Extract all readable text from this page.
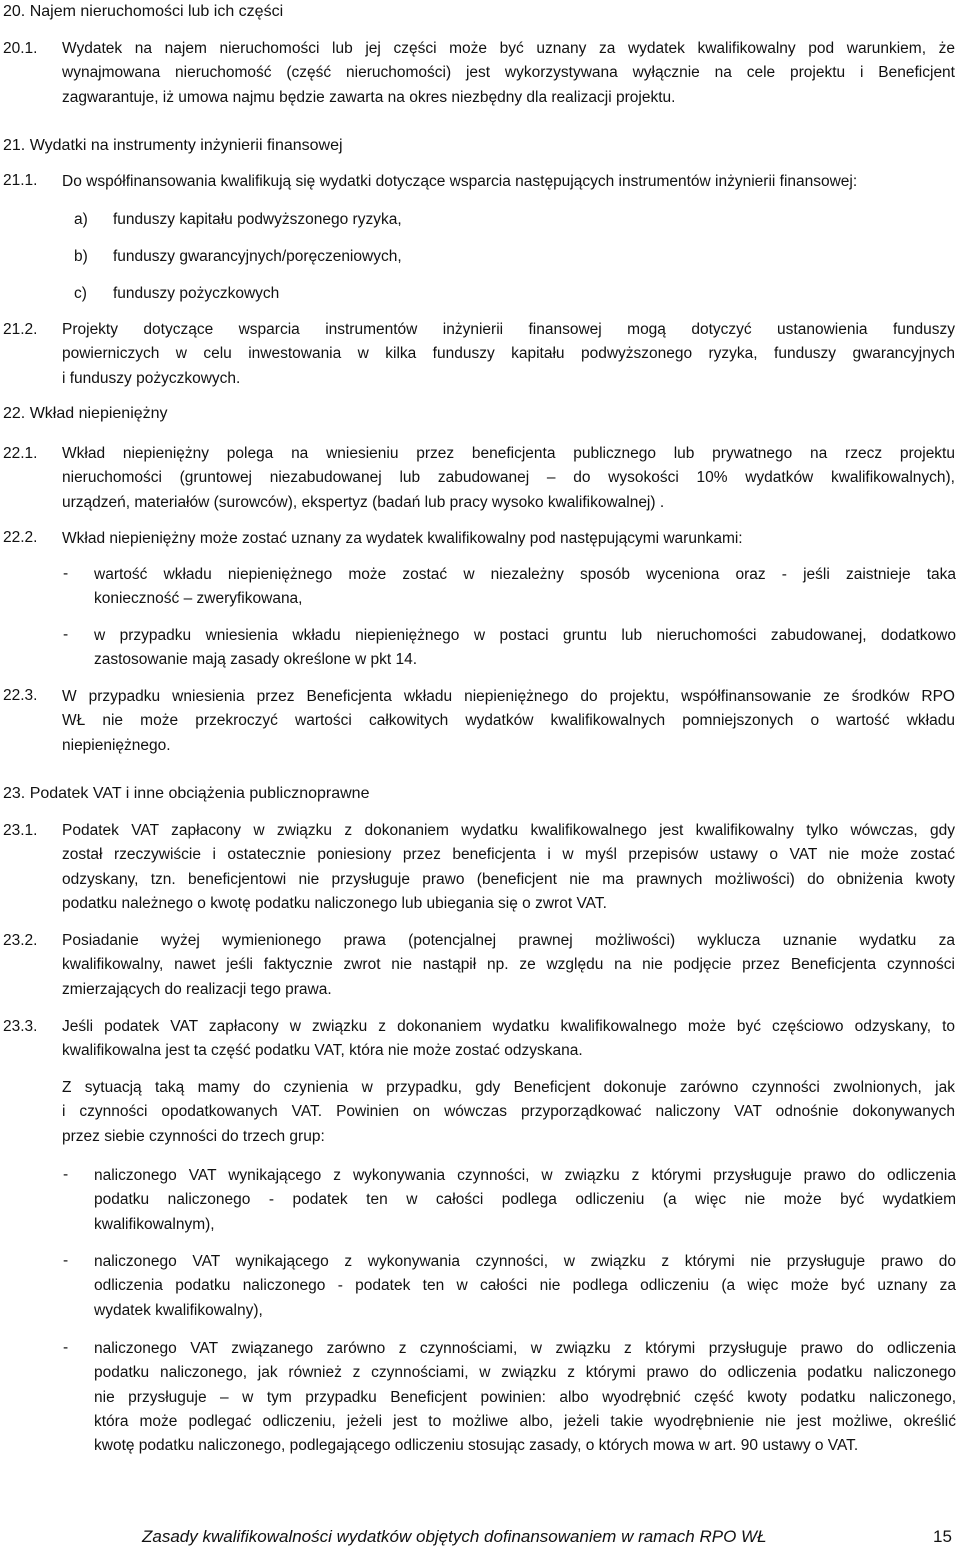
20. Najem nieruchomości lub ich części
20.1. Wydatek na najem nieruchomości lub jej części może być uznany za wydatek kwalifikowalny pod warunkiem, że
wynajmowana nieruchomość (część nieruchomości) jest wykorzystywana wyłącznie na cele projektu i Beneficjent
zagwarantuje, iż umowa najmu będzie zawarta na okres niezbędny dla realizacji projektu.
21. Wydatki na instrumenty inżynierii finansowej
21.1. Do współfinansowania kwalifikują się wydatki dotyczące wsparcia następujących instrumentów inżynierii finansowej:
a) funduszy kapitału podwyższonego ryzyka,
b) funduszy gwarancyjnych/poręczeniowych,
c) funduszy pożyczkowych
21.2. Projekty dotyczące wsparcia instrumentów inżynierii finansowej mogą dotyczyć ustanowienia funduszy
powierniczych w celu inwestowania w kilka funduszy kapitału podwyższonego ryzyka, funduszy gwarancyjnych
i funduszy pożyczkowych.
22. Wkład niepieniężny
22.1. Wkład niepieniężny polega na wniesieniu przez beneficjenta publicznego lub prywatnego na rzecz projektu
nieruchomości (gruntowej niezabudowanej lub zabudowanej – do wysokości 10% wydatków kwalifikowalnych),
urządzeń, materiałów (surowców), ekspertyz (badań lub pracy wysoko kwalifikowalnej) .
22.2. Wkład niepieniężny może zostać uznany za wydatek kwalifikowalny pod następującymi warunkami:
- wartość wkładu niepieniężnego może zostać w niezależny sposób wyceniona oraz - jeśli zaistnieje taka
konieczność – zweryfikowana,
- w przypadku wniesienia wkładu niepieniężnego w postaci gruntu lub nieruchomości zabudowanej, dodatkowo
zastosowanie mają zasady określone w pkt 14.
22.3. W przypadku wniesienia przez Beneficjenta wkładu niepieniężnego do projektu, współfinansowanie ze środków RPO
WŁ nie może przekroczyć wartości całkowitych wydatków kwalifikowalnych pomniejszonych o wartość wkładu
niepieniężnego.
23. Podatek VAT i inne obciążenia publicznoprawne
23.1. Podatek VAT zapłacony w związku z dokonaniem wydatku kwalifikowalnego jest kwalifikowalny tylko wówczas, gdy
został rzeczywiście i ostatecznie poniesiony przez beneficjenta i w myśl przepisów ustawy o VAT nie może zostać
odzyskany, tzn. beneficjentowi nie przysługuje prawo (beneficjent nie ma prawnych możliwości) do obniżenia kwoty
podatku należnego o kwotę podatku naliczonego lub ubiegania się o zwrot VAT.
23.2. Posiadanie wyżej wymienionego prawa (potencjalnej prawnej możliwości) wyklucza uznanie wydatku za
kwalifikowalny, nawet jeśli faktycznie zwrot nie nastąpił np. ze względu na nie podjęcie przez Beneficjenta czynności
zmierzających do realizacji tego prawa.
23.3. Jeśli podatek VAT zapłacony w związku z dokonaniem wydatku kwalifikowalnego może być częściowo odzyskany, to
kwalifikowalna jest ta część podatku VAT, która nie może zostać odzyskana.
Z sytuacją taką mamy do czynienia w przypadku, gdy Beneficjent dokonuje zarówno czynności zwolnionych, jak
i czynności opodatkowanych VAT. Powinien on wówczas przyporządkować naliczony VAT odnośnie dokonywanych
przez siebie czynności do trzech grup:
- naliczonego VAT wynikającego z wykonywania czynności, w związku z którymi przysługuje prawo do odliczenia
podatku naliczonego - podatek ten w całości podlega odliczeniu (a więc nie może być wydatkiem
kwalifikowalnym),
- naliczonego VAT wynikającego z wykonywania czynności, w związku z którymi nie przysługuje prawo do
odliczenia podatku naliczonego - podatek ten w całości nie podlega odliczeniu (a więc może być uznany za
wydatek kwalifikowalny),
- naliczonego VAT związanego zarówno z czynnościami, w związku z którymi przysługuje prawo do odliczenia
podatku naliczonego, jak również z czynnościami, w związku z którymi prawo do odliczenia podatku naliczonego
nie przysługuje – w tym przypadku Beneficjent powinien: albo wyodrębnić część kwoty podatku naliczonego,
która może podlegać odliczeniu, jeżeli jest to możliwe albo, jeżeli takie wyodrębnienie nie jest możliwe, określić
kwotę podatku naliczonego, podlegającego odliczeniu stosując zasady, o których mowa w art. 90 ustawy o VAT.
Zasady kwalifikowalności wydatków objętych dofinansowaniem w ramach RPO WŁ	15
